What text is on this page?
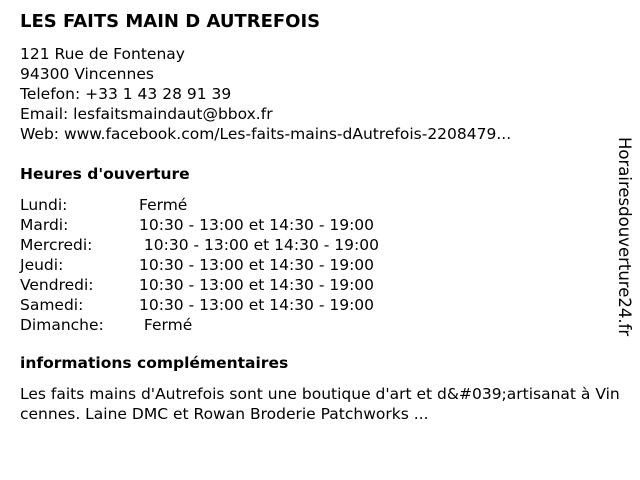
LES FAITS MAIN D AUTREFOIS
121 Rue de Fontenay
94300 Vincennes
Telefon: +33 1 43 28 91 39
Email: lesfaitsmaindaut@bbox.fr
Web: www.facebook.com/Les-faits-mains-dAutrefois-2208479...
Heures d'ouverture
Lundi:	Fermé
Mardi:	10:30 - 13:00 et 14:30 - 19:00
Mercredi:	10:30 - 13:00 et 14:30 - 19:00
Jeudi:	10:30 - 13:00 et 14:30 - 19:00
Vendredi:	10:30 - 13:00 et 14:30 - 19:00
Samedi:	10:30 - 13:00 et 14:30 - 19:00
Dimanche: Fermé
informations complémentaires
Les faits mains d'Autrefois sont une boutique d'art et d&#039;artisanat à Vincennes. Laine DMC et Rowan Broderie Patchworks ...
Horairesdouverture24.fr
